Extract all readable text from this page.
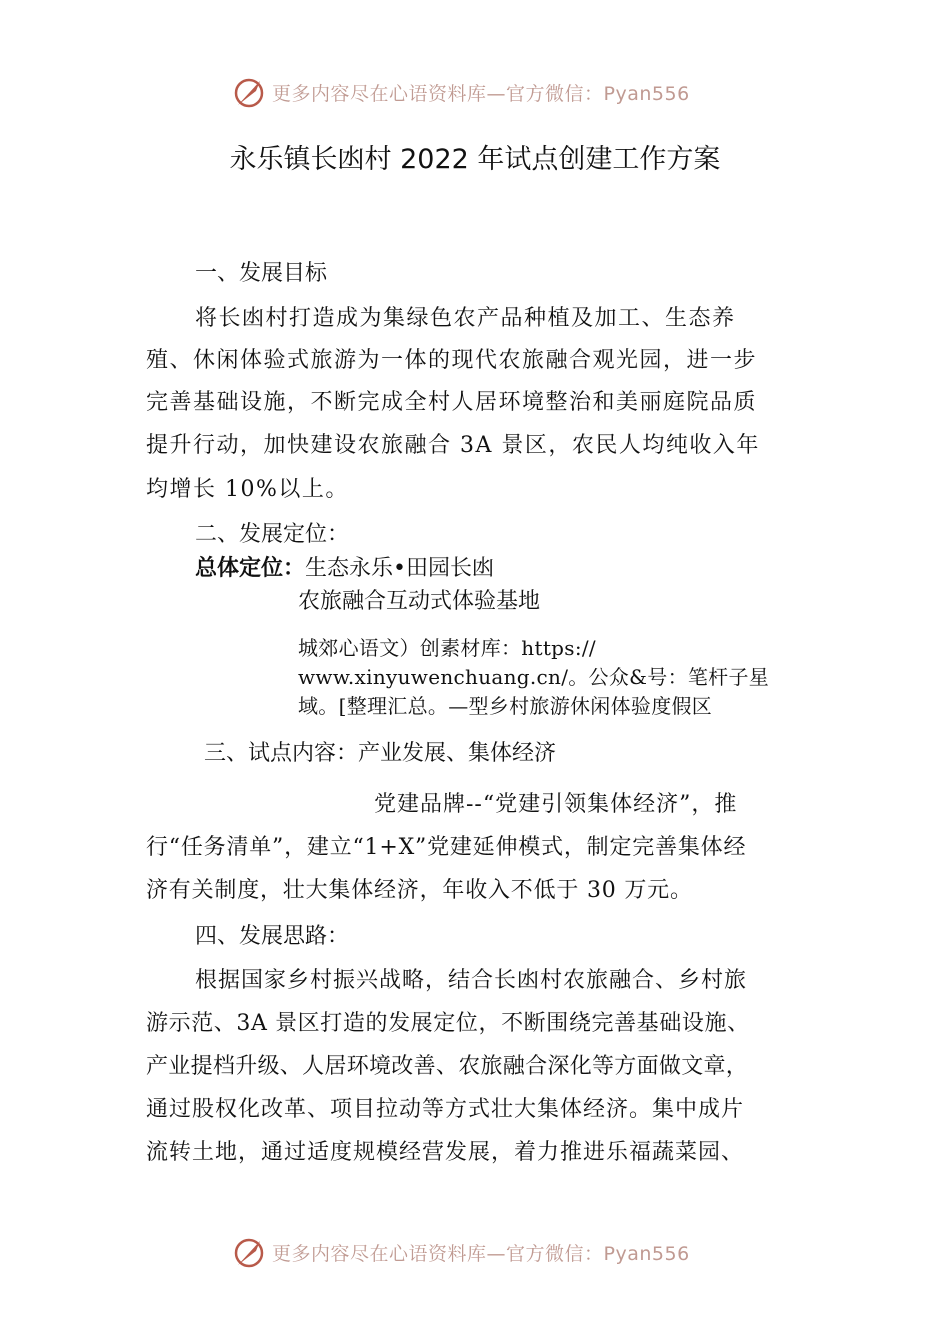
更多内容尽在心语资料库—官方微信：Pyan556
永乐镇长凼村 2022 年试点创建工作方案
一、发展目标
将长凼村打造成为集绿色农产品种植及加工、生态养
殖、休闲体验式旅游为一体的现代农旅融合观光园，进一步
完善基础设施，不断完成全村人居环境整治和美丽庭院品质
提升行动，加快建设农旅融合 3A 景区，农民人均纯收入年
均增长 10%以上。
二、发展定位：
总体定位：生态永乐•田园长凼
农旅融合互动式体验基地
城郊心语文）创素材库：https://
www.xinyuwenchuang.cn/。公众&号：笔杆子星
域。[整理汇总。—型乡村旅游休闲体验度假区
三、试点内容：产业发展、集体经济
党建品牌--“党建引领集体经济”，推
行“任务清单”，建立“1+X”党建延伸模式，制定完善集体经
济有关制度，壮大集体经济，年收入不低于 30 万元。
四、发展思路：
根据国家乡村振兴战略，结合长凼村农旅融合、乡村旅
游示范、3A 景区打造的发展定位，不断围绕完善基础设施、
产业提档升级、人居环境改善、农旅融合深化等方面做文章，
通过股权化改革、项目拉动等方式壮大集体经济。集中成片
流转土地，通过适度规模经营发展，着力推进乐福蔬菜园、
更多内容尽在心语资料库—官方微信：Pyan556
